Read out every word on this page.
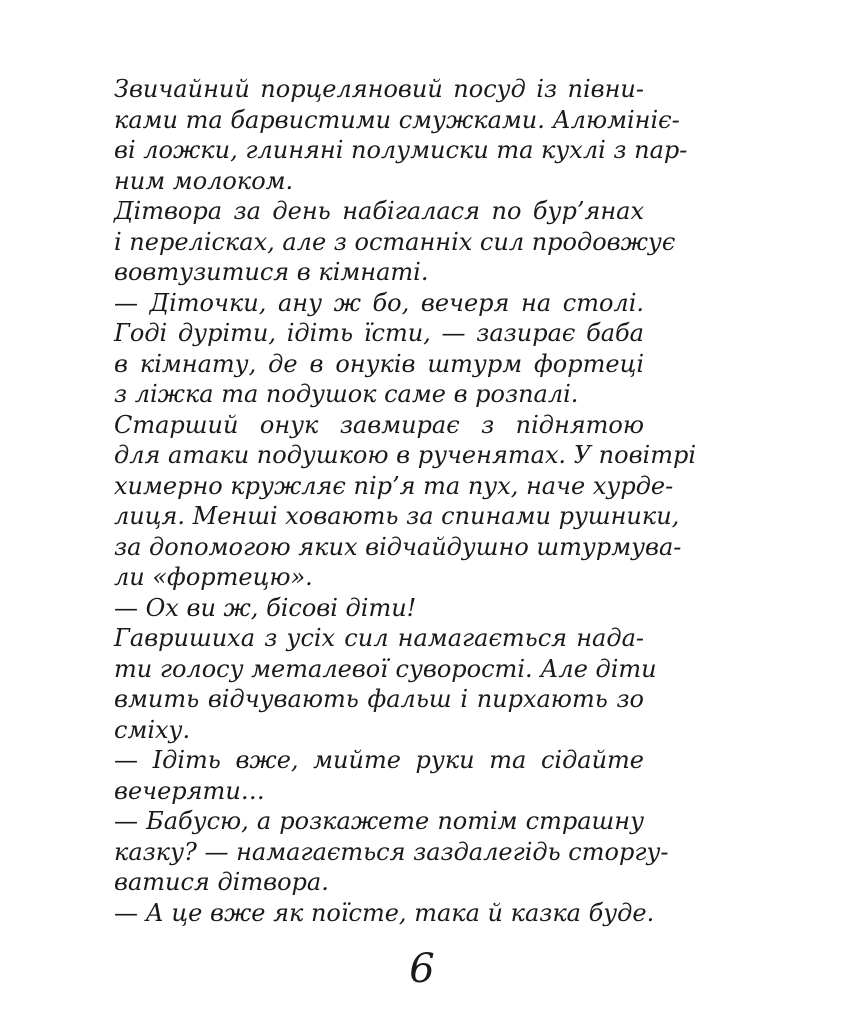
Звичайний порцеляновий посуд із півни-
ками та барвистими смужками. Алюмініє-
ві ложки, глиняні полумиски та кухлі з пар-
ним молоком.
Дітвора за день набігалася по бур’янах
і перелісках, але з останніх сил продовжує
вовтузитися в кімнаті.
— Діточки, ану ж бо, вечеря на столі.
Годі дуріти, ідіть їсти, — зазирає баба
в кімнату, де в онуків штурм фортеці
з ліжка та подушок саме в розпалі.
Старший онук завмирає з піднятою
для атаки подушкою в рученятах. У повітрі
химерно кружляє пір’я та пух, наче хурде-
лиця. Менші ховають за спинами рушники,
за допомогою яких відчайдушно штурмува-
ли «фортецю».
— Ох ви ж, бісові діти!
Гавришиха з усіх сил намагається нада-
ти голосу металевої суворості. Але діти
вмить відчувають фальш і пирхають зо
сміху.
— Ідіть вже, мийте руки та сідайте
вечеряти…
— Бабусю, а розкажете потім страшну
казку? — намагається заздалегідь сторгу-
ватися дітвора.
— А це вже як поїсте, така й казка буде.
6
